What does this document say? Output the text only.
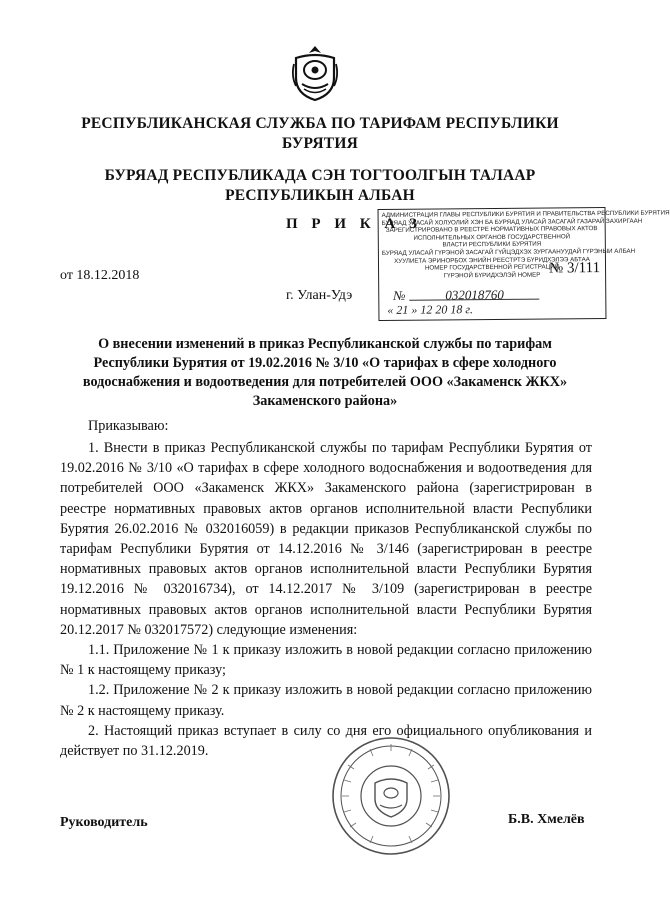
РЕСПУБЛИКАНСКАЯ СЛУЖБА ПО ТАРИФАМ РЕСПУБЛИКИ БУРЯТИЯ
БУРЯАД РЕСПУБЛИКАДА СЭН ТОГТООЛГЫН ТАЛААР РЕСПУБЛИКЫН АЛБАН
П Р И К А З
АДМИНИСТРАЦИЯ ГЛАВЫ РЕСПУБЛИКИ БУРЯТИЯ И ПРАВИТЕЛЬСТВА РЕСПУБЛИКИ БУРЯТИЯ
БУРЯАД УЛАСАЙ ХОЛУОЛИЙ ХЭН БА БУРЯАД УЛАСАЙ ЗАСАГАЙ ГАЗАРАЙ ЗАХИРГААН
ЗАРЕГИСТРИРОВАНО В РЕЕСТРЕ НОРМАТИВНЫХ ПРАВОВЫХ АКТОВ
ИСПОЛНИТЕЛЬНЫХ ОРГАНОВ ГОСУДАРСТВЕННОЙ
ВЛАСТИ РЕСПУБЛИКИ БУРЯТИЯ
БУРЯАД УЛАСАЙ ГҮРЭНОЙ ЗАСАГАЙ ГҮЙЦЭДХЭХ ЗУРГААНУУДАЙ ГҮРЭНЫИ АЛБАН
ХУУЛИЕТА ЭРИНОРБОХ ЭНИЙН РЕЕСТРТЭ БҮРИДХЭЛЭЭ АБТАА
НОМЕР ГОСУДАРСТВЕННОЙ РЕГИСТРАЦИИ
ГҮРЭНОЙ БҮРИДХЭЛЭЙ НОМЕР № 3/111
№	032018760
« 21 » 12 20 18 г.
от 18.12.2018
г. Улан-Удэ
О внесении изменений в приказ Республиканской службы по тарифам Республики Бурятия от 19.02.2016 № 3/10 «О тарифах в сфере холодного водоснабжения и водоотведения для потребителей ООО «Закаменск ЖКХ» Закаменского района»
Приказываю:

1. Внести в приказ Республиканской службы по тарифам Республики Бурятия от 19.02.2016 № 3/10 «О тарифах в сфере холодного водоснабжения и водоотведения для потребителей ООО «Закаменск ЖКХ» Закаменского района (зарегистрирован в реестре нормативных правовых актов органов исполнительной власти Республики Бурятия 26.02.2016 № 032016059) в редакции приказов Республиканской службы по тарифам Республики Бурятия от 14.12.2016 № 3/146 (зарегистрирован в реестре нормативных правовых актов органов исполнительной власти Республики Бурятия 19.12.2016 № 032016734), от 14.12.2017 № 3/109 (зарегистрирован в реестре нормативных правовых актов органов исполнительной власти Республики Бурятия 20.12.2017 № 032017572) следующие изменения:

1.1. Приложение № 1 к приказу изложить в новой редакции согласно приложению № 1 к настоящему приказу;

1.2. Приложение № 2 к приказу изложить в новой редакции согласно приложению № 2 к настоящему приказу.

2. Настоящий приказ вступает в силу со дня его официального опубликования и действует по 31.12.2019.

Руководитель	Б.В. Хмелёв
